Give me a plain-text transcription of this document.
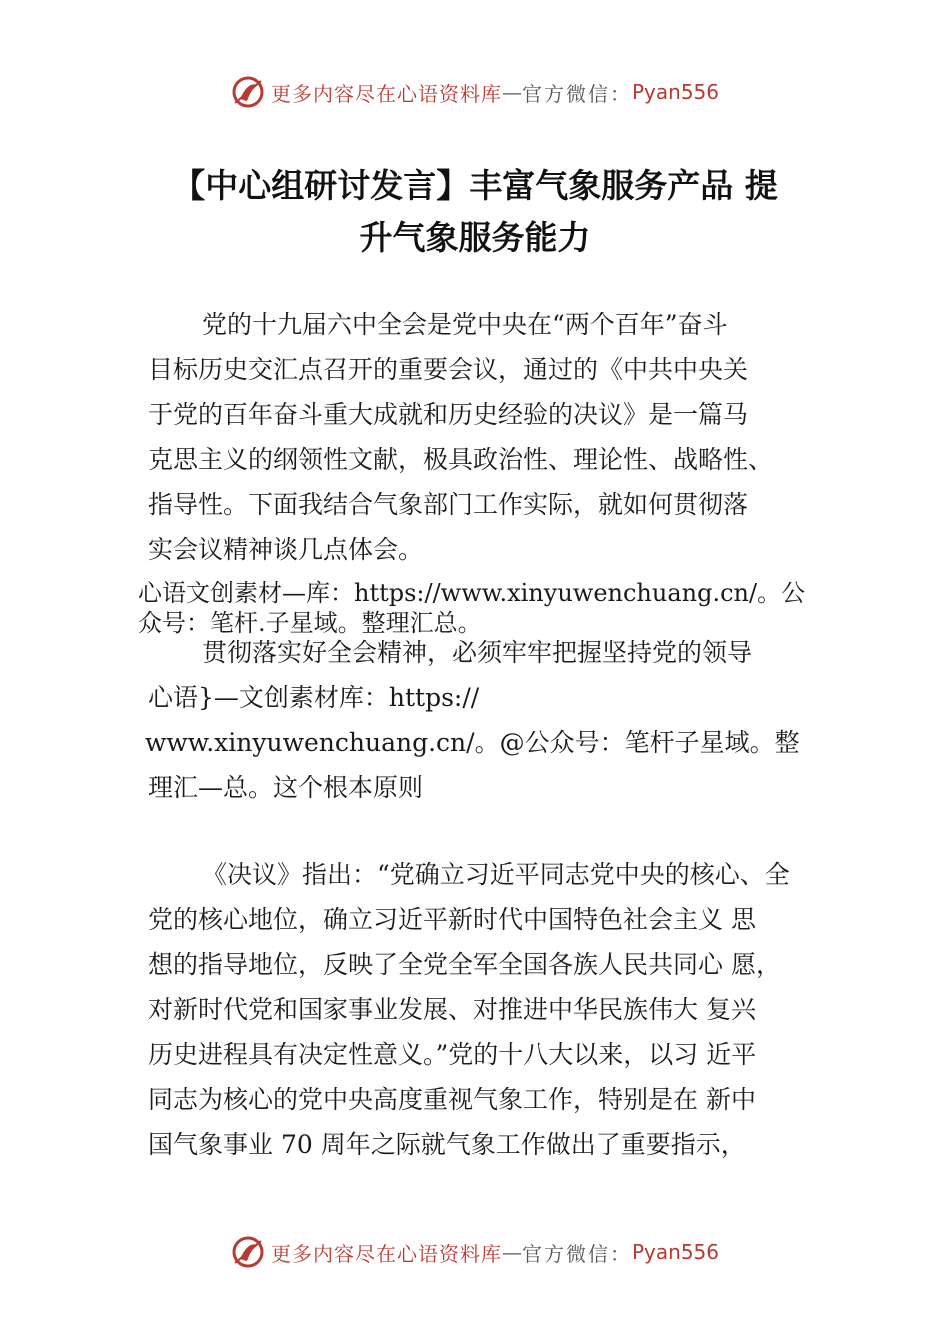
更多内容尽在心语资料库 — 官方微信： Pyan556
【中心组研讨发言】丰富气象服务产品 提
升气象服务能力
党的十九届六中全会是党中央在“两个百年”奋斗
目标历史交汇点召开的重要会议，通过的《中共中央关
于党的百年奋斗重大成就和历史经验的决议》是一篇马
克思主义的纲领性文献，极具政治性、理论性、战略性、
指导性。下面我结合气象部门工作实际，就如何贯彻落
实会议精神谈几点体会。
心语文创素材—库：https://www.xinyuwenchuang.cn/。公
众号：笔杆.子星域。整理汇总。
贯彻落实好全会精神，必须牢牢把握坚持党的领导
心语}—文创素材库：https://
www.xinyuwenchuang.cn/。@公众号：笔杆子星域。整
理汇—总。这个根本原则
《决议》指出：“党确立习近平同志党中央的核心、全
党的核心地位，确立习近平新时代中国特色社会主义 思
想的指导地位，反映了全党全军全国各族人民共同心 愿，
对新时代党和国家事业发展、对推进中华民族伟大 复兴
历史进程具有决定性意义。”党的十八大以来，以习 近平
同志为核心的党中央高度重视气象工作，特别是在 新中
国气象事业 70 周年之际就气象工作做出了重要指示，
更多内容尽在心语资料库 — 官方微信： Pyan556
